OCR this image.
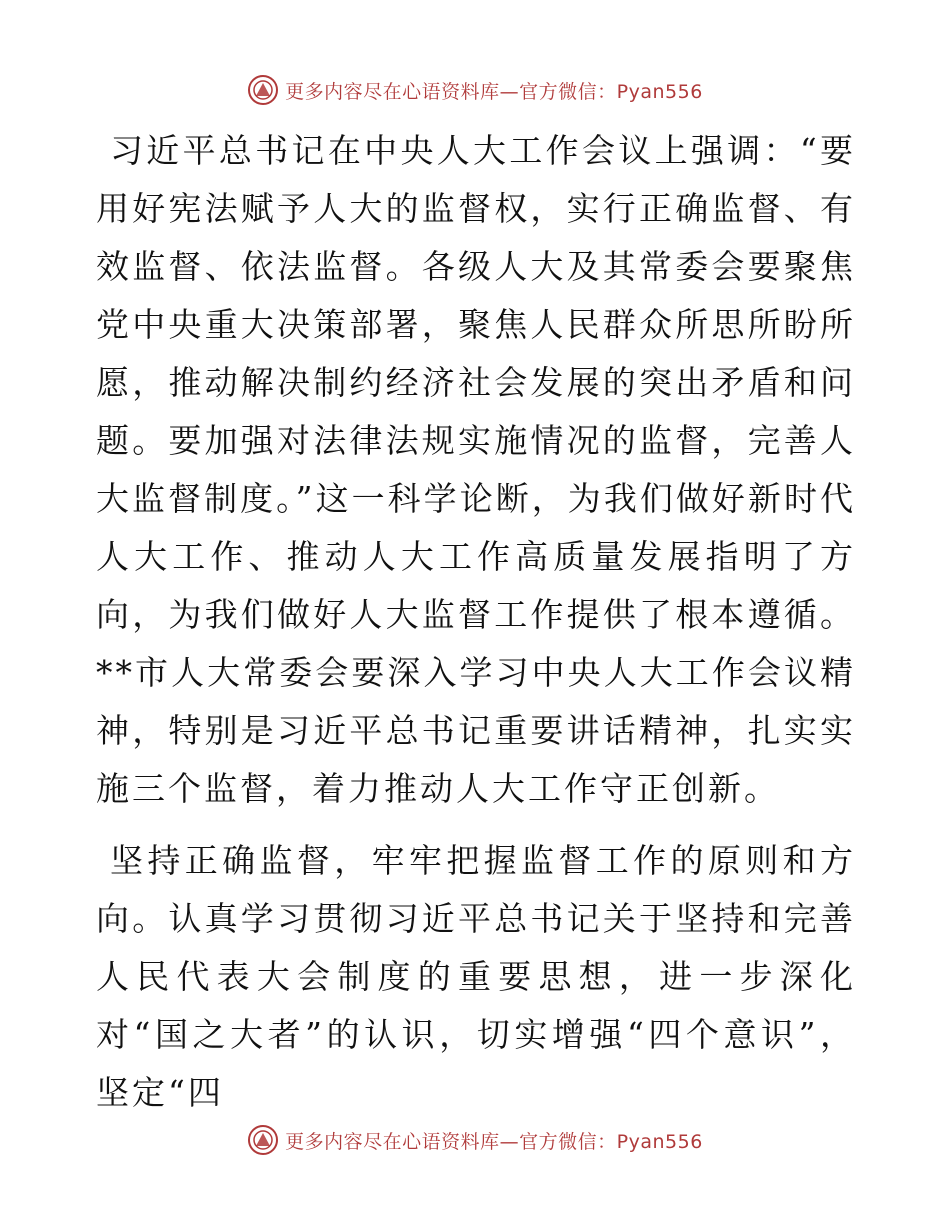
更多内容尽在心语资料库—官方微信：Pyan556

习近平总书记在中央人大工作会议上强调：“要用好宪法赋予人大的监督权，实行正确监督、有效监督、依法监督。各级人大及其常委会要聚焦党中央重大决策部署，聚焦人民群众所思所盼所愿，推动解决制约经济社会发展的突出矛盾和问题。要加强对法律法规实施情况的监督，完善人大监督制度。”这一科学论断，为我们做好新时代人大工作、推动人大工作高质量发展指明了方向，为我们做好人大监督工作提供了根本遵循。**市人大常委会要深入学习中央人大工作会议精神，特别是习近平总书记重要讲话精神，扎实实施三个监督，着力推动人大工作守正创新。

坚持正确监督，牢牢把握监督工作的原则和方向。认真学习贯彻习近平总书记关于坚持和完善人民代表大会制度的重要思想，进一步深化对“国之大者”的认识，切实增强“四个意识”，坚定“四

更多内容尽在心语资料库—官方微信：Pyan556
